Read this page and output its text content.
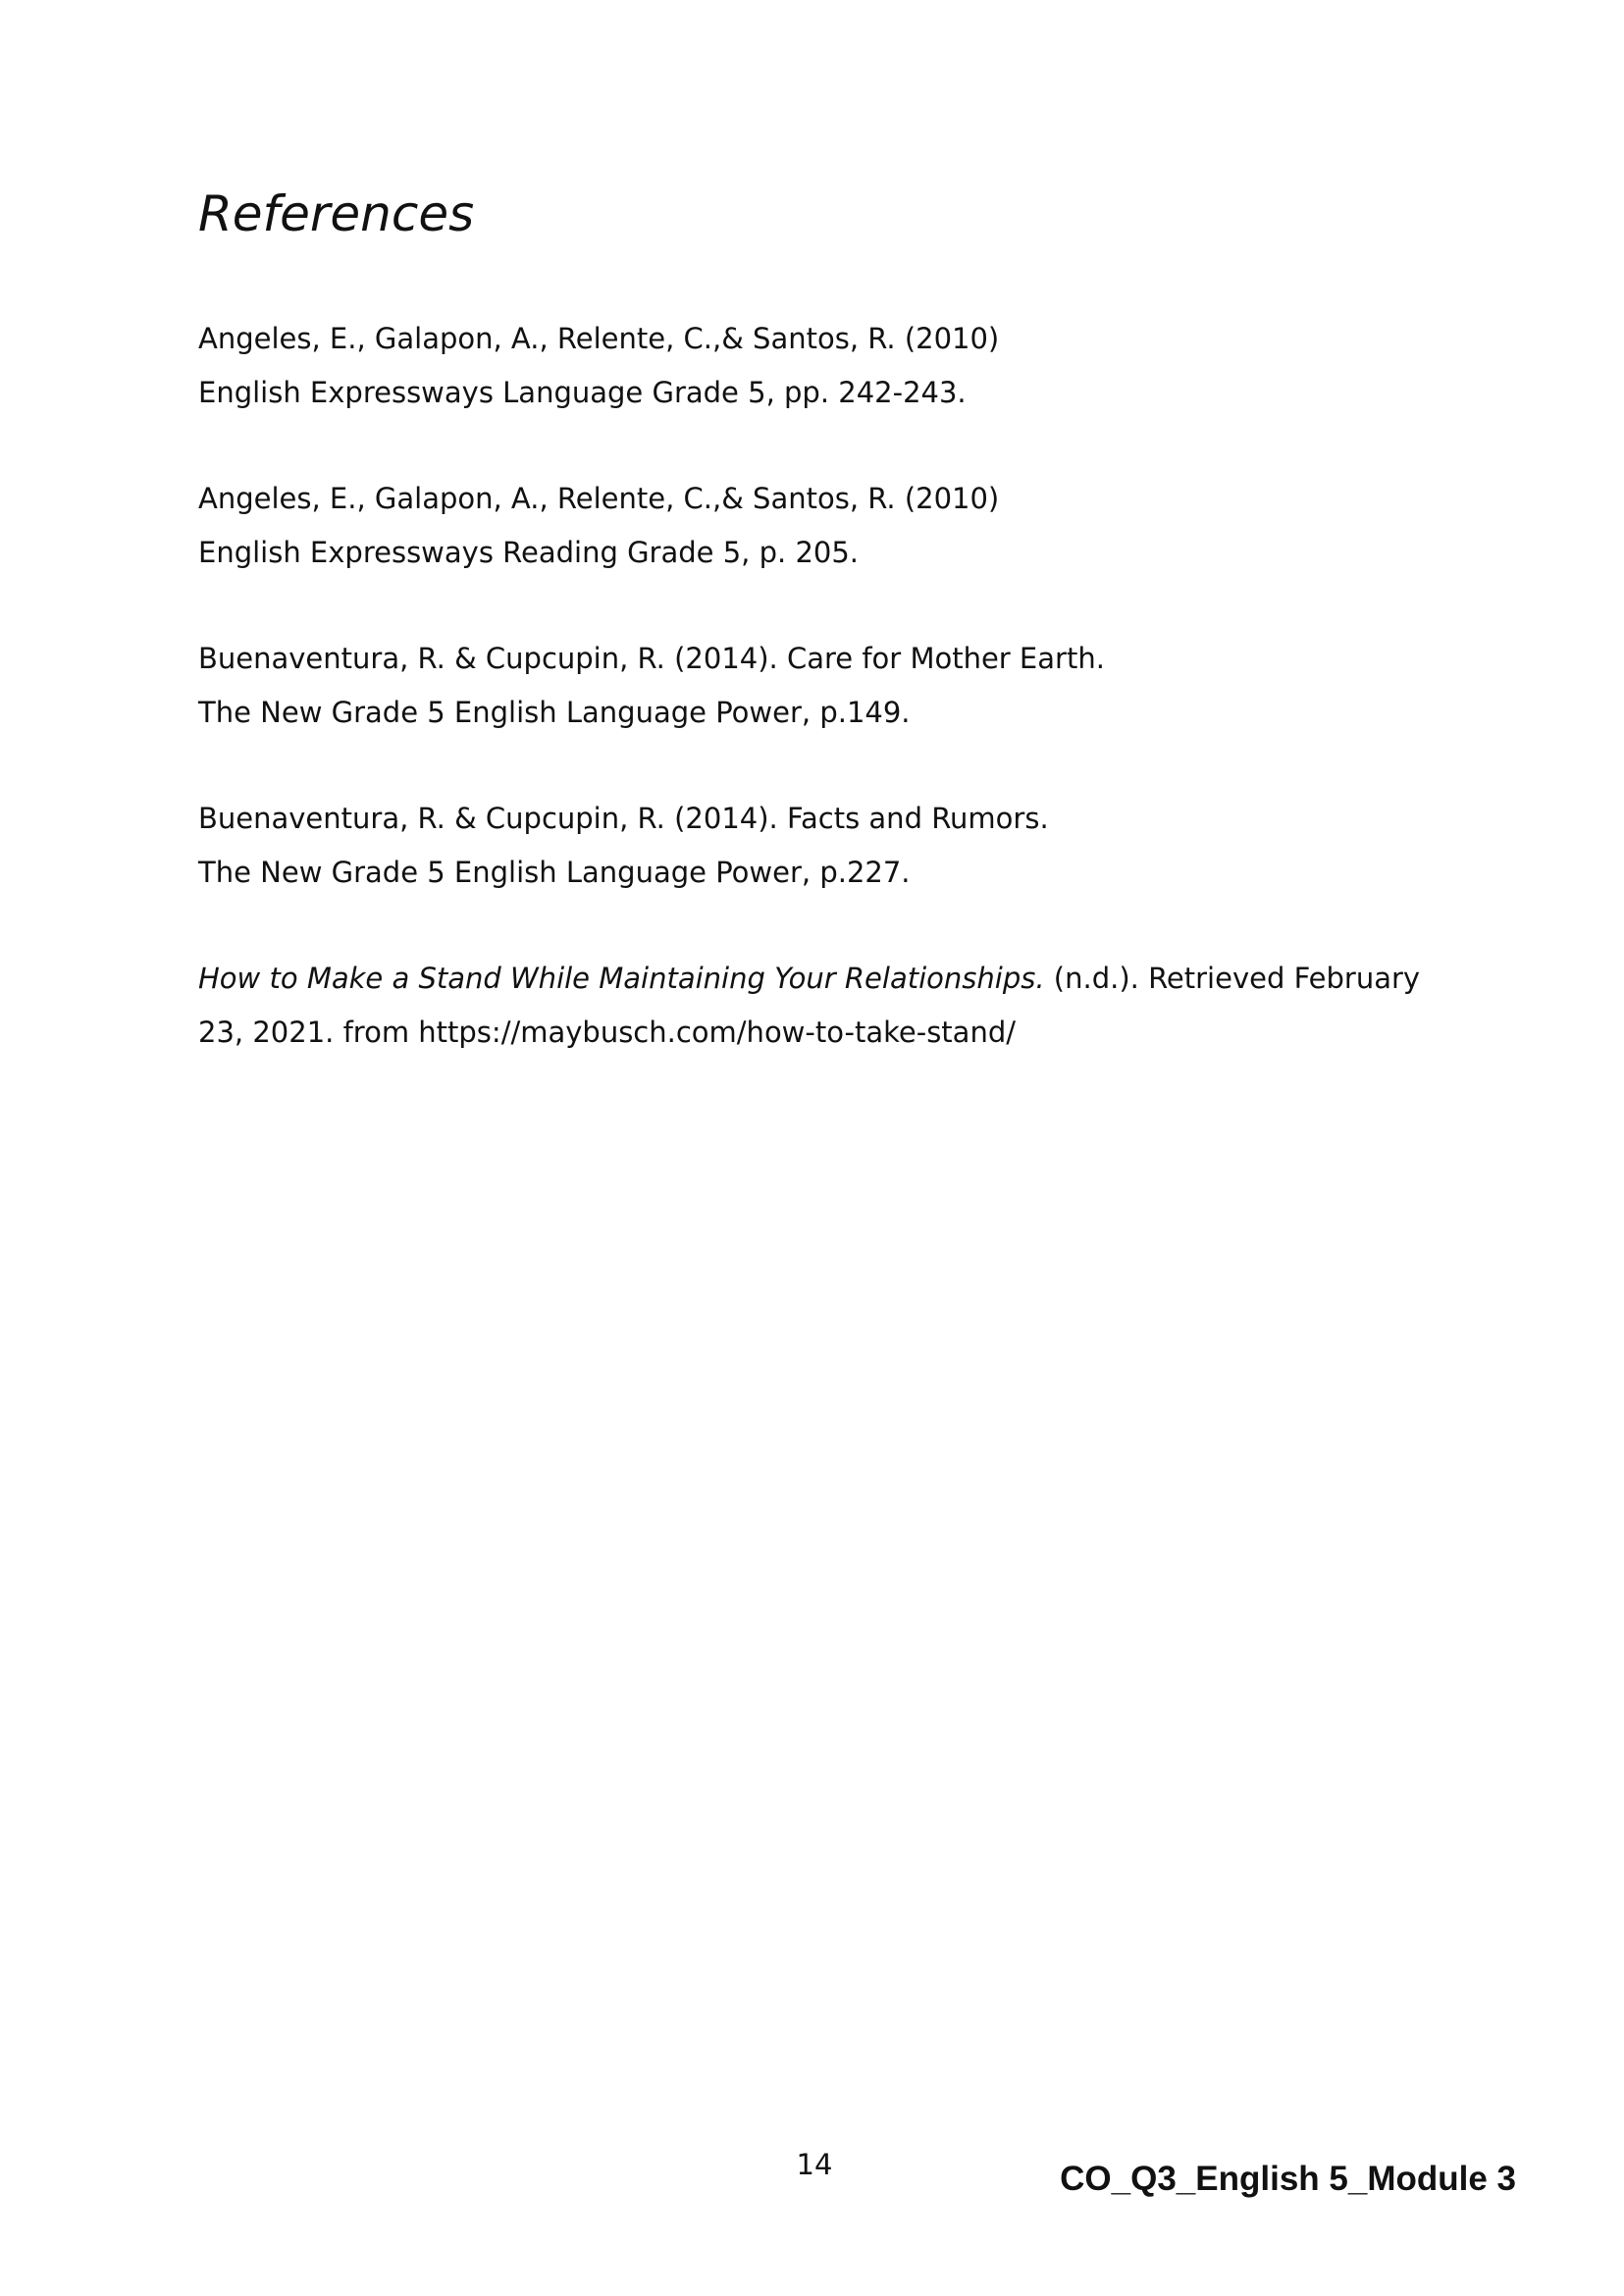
References

Angeles, E., Galapon, A., Relente, C.,& Santos, R. (2010)
English Expressways Language Grade 5, pp. 242-243.

Angeles, E., Galapon, A., Relente, C.,& Santos, R. (2010)
English Expressways Reading Grade 5, p. 205.

Buenaventura, R. & Cupcupin, R. (2014). Care for Mother Earth.
The New Grade 5 English Language Power, p.149.

Buenaventura, R. & Cupcupin, R. (2014). Facts and Rumors.
The New Grade 5 English Language Power, p.227.

How to Make a Stand While Maintaining Your Relationships. (n.d.). Retrieved February
23, 2021. from https://maybusch.com/how-to-take-stand/

14	CO_Q3_English 5_Module 3
